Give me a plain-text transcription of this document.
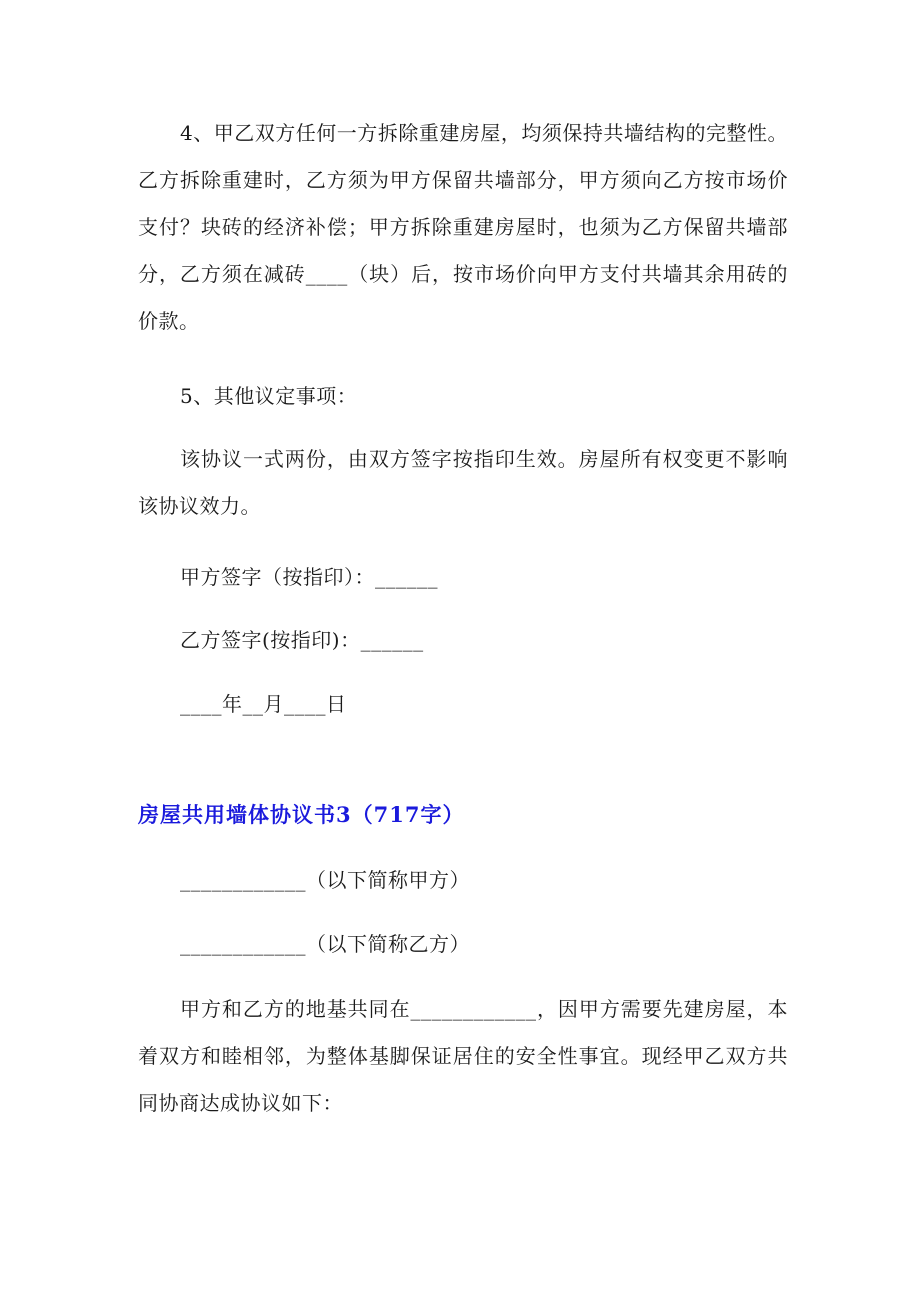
4、甲乙双方任何一方拆除重建房屋，均须保持共墙结构的完整性。乙方拆除重建时，乙方须为甲方保留共墙部分，甲方须向乙方按市场价支付？块砖的经济补偿；甲方拆除重建房屋时，也须为乙方保留共墙部分，乙方须在减砖____（块）后，按市场价向甲方支付共墙其余用砖的价款。

5、其他议定事项：

该协议一式两份，由双方签字按指印生效。房屋所有权变更不影响该协议效力。

甲方签字（按指印）：______

乙方签字(按指印)：______

____年__月____日

房屋共用墙体协议书3（717字）

____________（以下简称甲方）

____________（以下简称乙方）

甲方和乙方的地基共同在____________，因甲方需要先建房屋，本着双方和睦相邻，为整体基脚保证居住的安全性事宜。现经甲乙双方共同协商达成协议如下：
